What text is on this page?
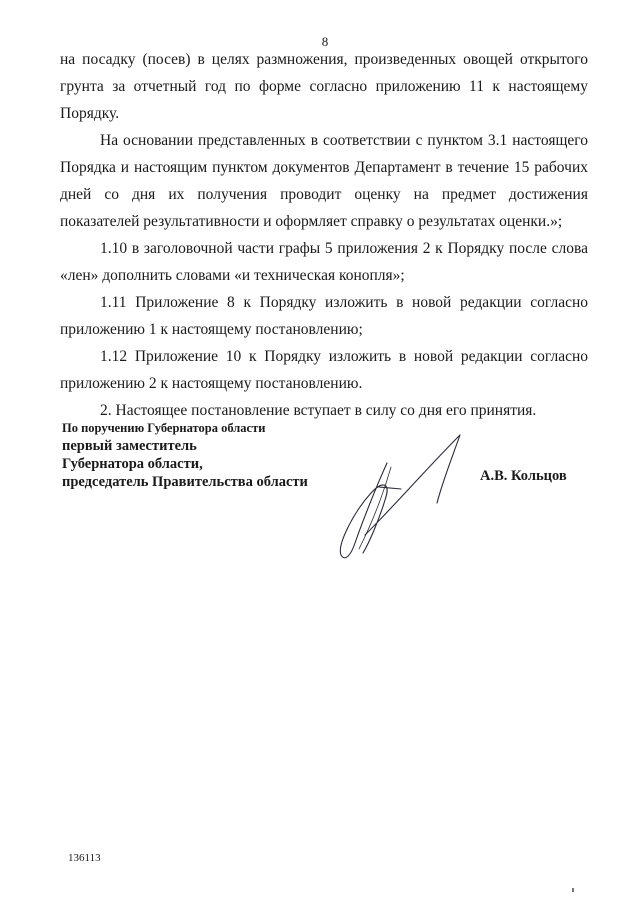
8

на посадку (посев) в целях размножения, произведенных овощей открытого грунта за отчетный год по форме согласно приложению 11 к настоящему Порядку.

На основании представленных в соответствии с пунктом 3.1 настоящего Порядка и настоящим пунктом документов Департамент в течение 15 рабочих дней со дня их получения проводит оценку на предмет достижения показателей результативности и оформляет справку о результатах оценки.»;

1.10 в заголовочной части графы 5 приложения 2 к Порядку после слова «лен» дополнить словами «и техническая конопля»;

1.11 Приложение 8 к Порядку изложить в новой редакции согласно приложению 1 к настоящему постановлению;

1.12 Приложение 10 к Порядку изложить в новой редакции согласно приложению 2 к настоящему постановлению.

2. Настоящее постановление вступает в силу со дня его принятия.

По поручению Губернатора области
первый заместитель
Губернатора области,
председатель Правительства области	А.В. Кольцов
136113
